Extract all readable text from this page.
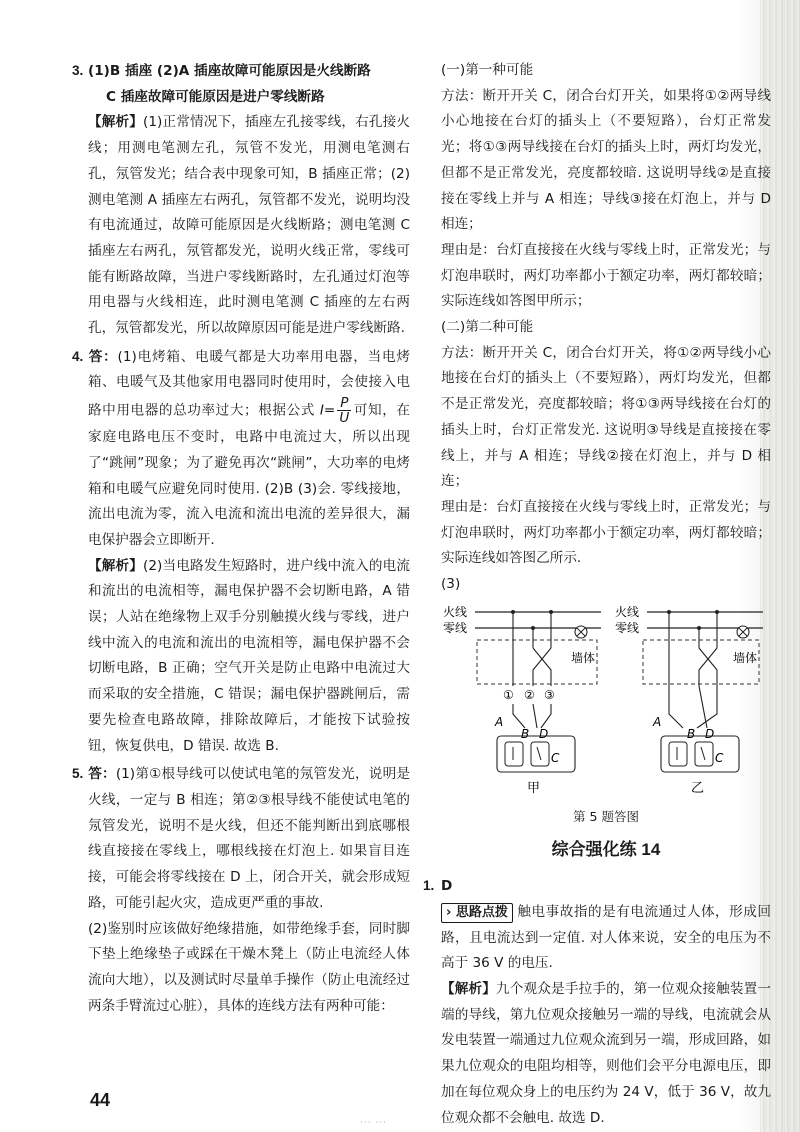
3. (1)B 插座 (2)A 插座故障可能原因是火线断路

C 插座故障可能原因是进户零线断路

【解析】(1)正常情况下，插座左孔接零线，右孔接火线；用测电笔测左孔，氖管不发光，用测电笔测右孔，氖管发光；结合表中现象可知，B 插座正常；(2)测电笔测 A 插座左右两孔，氖管都不发光，说明均没有电流通过，故障可能原因是火线断路；测电笔测 C 插座左右两孔，氖管都发光，说明火线正常，零线可能有断路故障，当进户零线断路时，左孔通过灯泡等用电器与火线相连，此时测电笔测 C 插座的左右两孔，氖管都发光，所以故障原因可能是进户零线断路.

4. 答：(1)电烤箱、电暖气都是大功率用电器，当电烤箱、电暖气及其他家用电器同时使用时，会使接入电路中用电器的总功率过大；根据公式 $I= \frac{P}{U}$ 可知，在家庭电路电压不变时，电路中电流过大，所以出现了“跳闸”现象；为了避免再次“跳闸”，大功率的电烤箱和电暖气应避免同时使用. (2)B (3)会. 零线接地，流出电流为零，流入电流和流出电流的差异很大，漏电保护器会立即断开.

【解析】(2)当电路发生短路时，进户线中流入的电流和流出的电流相等，漏电保护器不会切断电路，A 错误；人站在绝缘物上双手分别触摸火线与零线，进户线中流入的电流和流出的电流相等，漏电保护器不会切断电路，B 正确；空气开关是防止电路中电流过大而采取的安全措施，C 错误；漏电保护器跳闸后，需要先检查电路故障，排除故障后，才能按下试验按钮，恢复供电，D 错误. 故选 B.

5. 答：(1)第①根导线可以使试电笔的氖管发光，说明是火线，一定与 B 相连；第②③根导线不能使试电笔的氖管发光，说明不是火线，但还不能判断出到底哪根线直接接在零线上，哪根线接在灯泡上. 如果盲目连接，可能会将零线接在 D 上，闭合开关，就会形成短路，可能引起火灾，造成更严重的事故.

(2)鉴别时应该做好绝缘措施，如带绝缘手套，同时脚下垫上绝缘垫子或踩在干燥木凳上（防止电流经人体流向大地），以及测试时尽量单手操作（防止电流经过两条手臂流过心脏），具体的连线方法有两种可能：

(一)第一种可能

方法：断开开关 C，闭合台灯开关，如果将①②两导线小心地接在台灯的插头上（不要短路），台灯正常发光；将①③两导线接在台灯的插头上时，两灯均发光，但都不是正常发光，亮度都较暗. 这说明导线②是直接接在零线上并与 A 相连；导线③接在灯泡上，并与 D 相连；

理由是：台灯直接接在火线与零线上时，正常发光；与灯泡串联时，两灯功率都小于额定功率，两灯都较暗；实际连线如答图甲所示；

(二)第二种可能

方法：断开开关 C，闭合台灯开关，将①②两导线小心地接在台灯的插头上（不要短路），两灯均发光，但都不是正常发光，亮度都较暗；将①③两导线接在台灯的插头上时，台灯正常发光. 这说明③导线是直接接在零线上，并与 A 相连；导线②接在灯泡上，并与 D 相连；

理由是：台灯直接接在火线与零线上时，正常发光；与灯泡串联时，两灯功率都小于额定功率，两灯都较暗；实际连线如答图乙所示.

(3)

火线
零线
墙体
① ② ③
A
B D
C
甲
火线
零线
墙体
A
B D
C
乙

第 5 题答图

综合强化练 14

1. D

› 思路点拨 触电事故指的是有电流通过人体，形成回路，且电流达到一定值. 对人体来说，安全的电压为不高于 36 V 的电压.

【解析】九个观众是手拉手的，第一位观众接触装置一端的导线，第九位观众接触另一端的导线，电流就会从发电装置一端通过九位观众流到另一端，形成回路，如果九位观众的电阻均相等，则他们会平分电源电压，即加在每位观众身上的电压约为 24 V，低于 36 V，故九位观众都不会触电. 故选 D.

44
··· ···
